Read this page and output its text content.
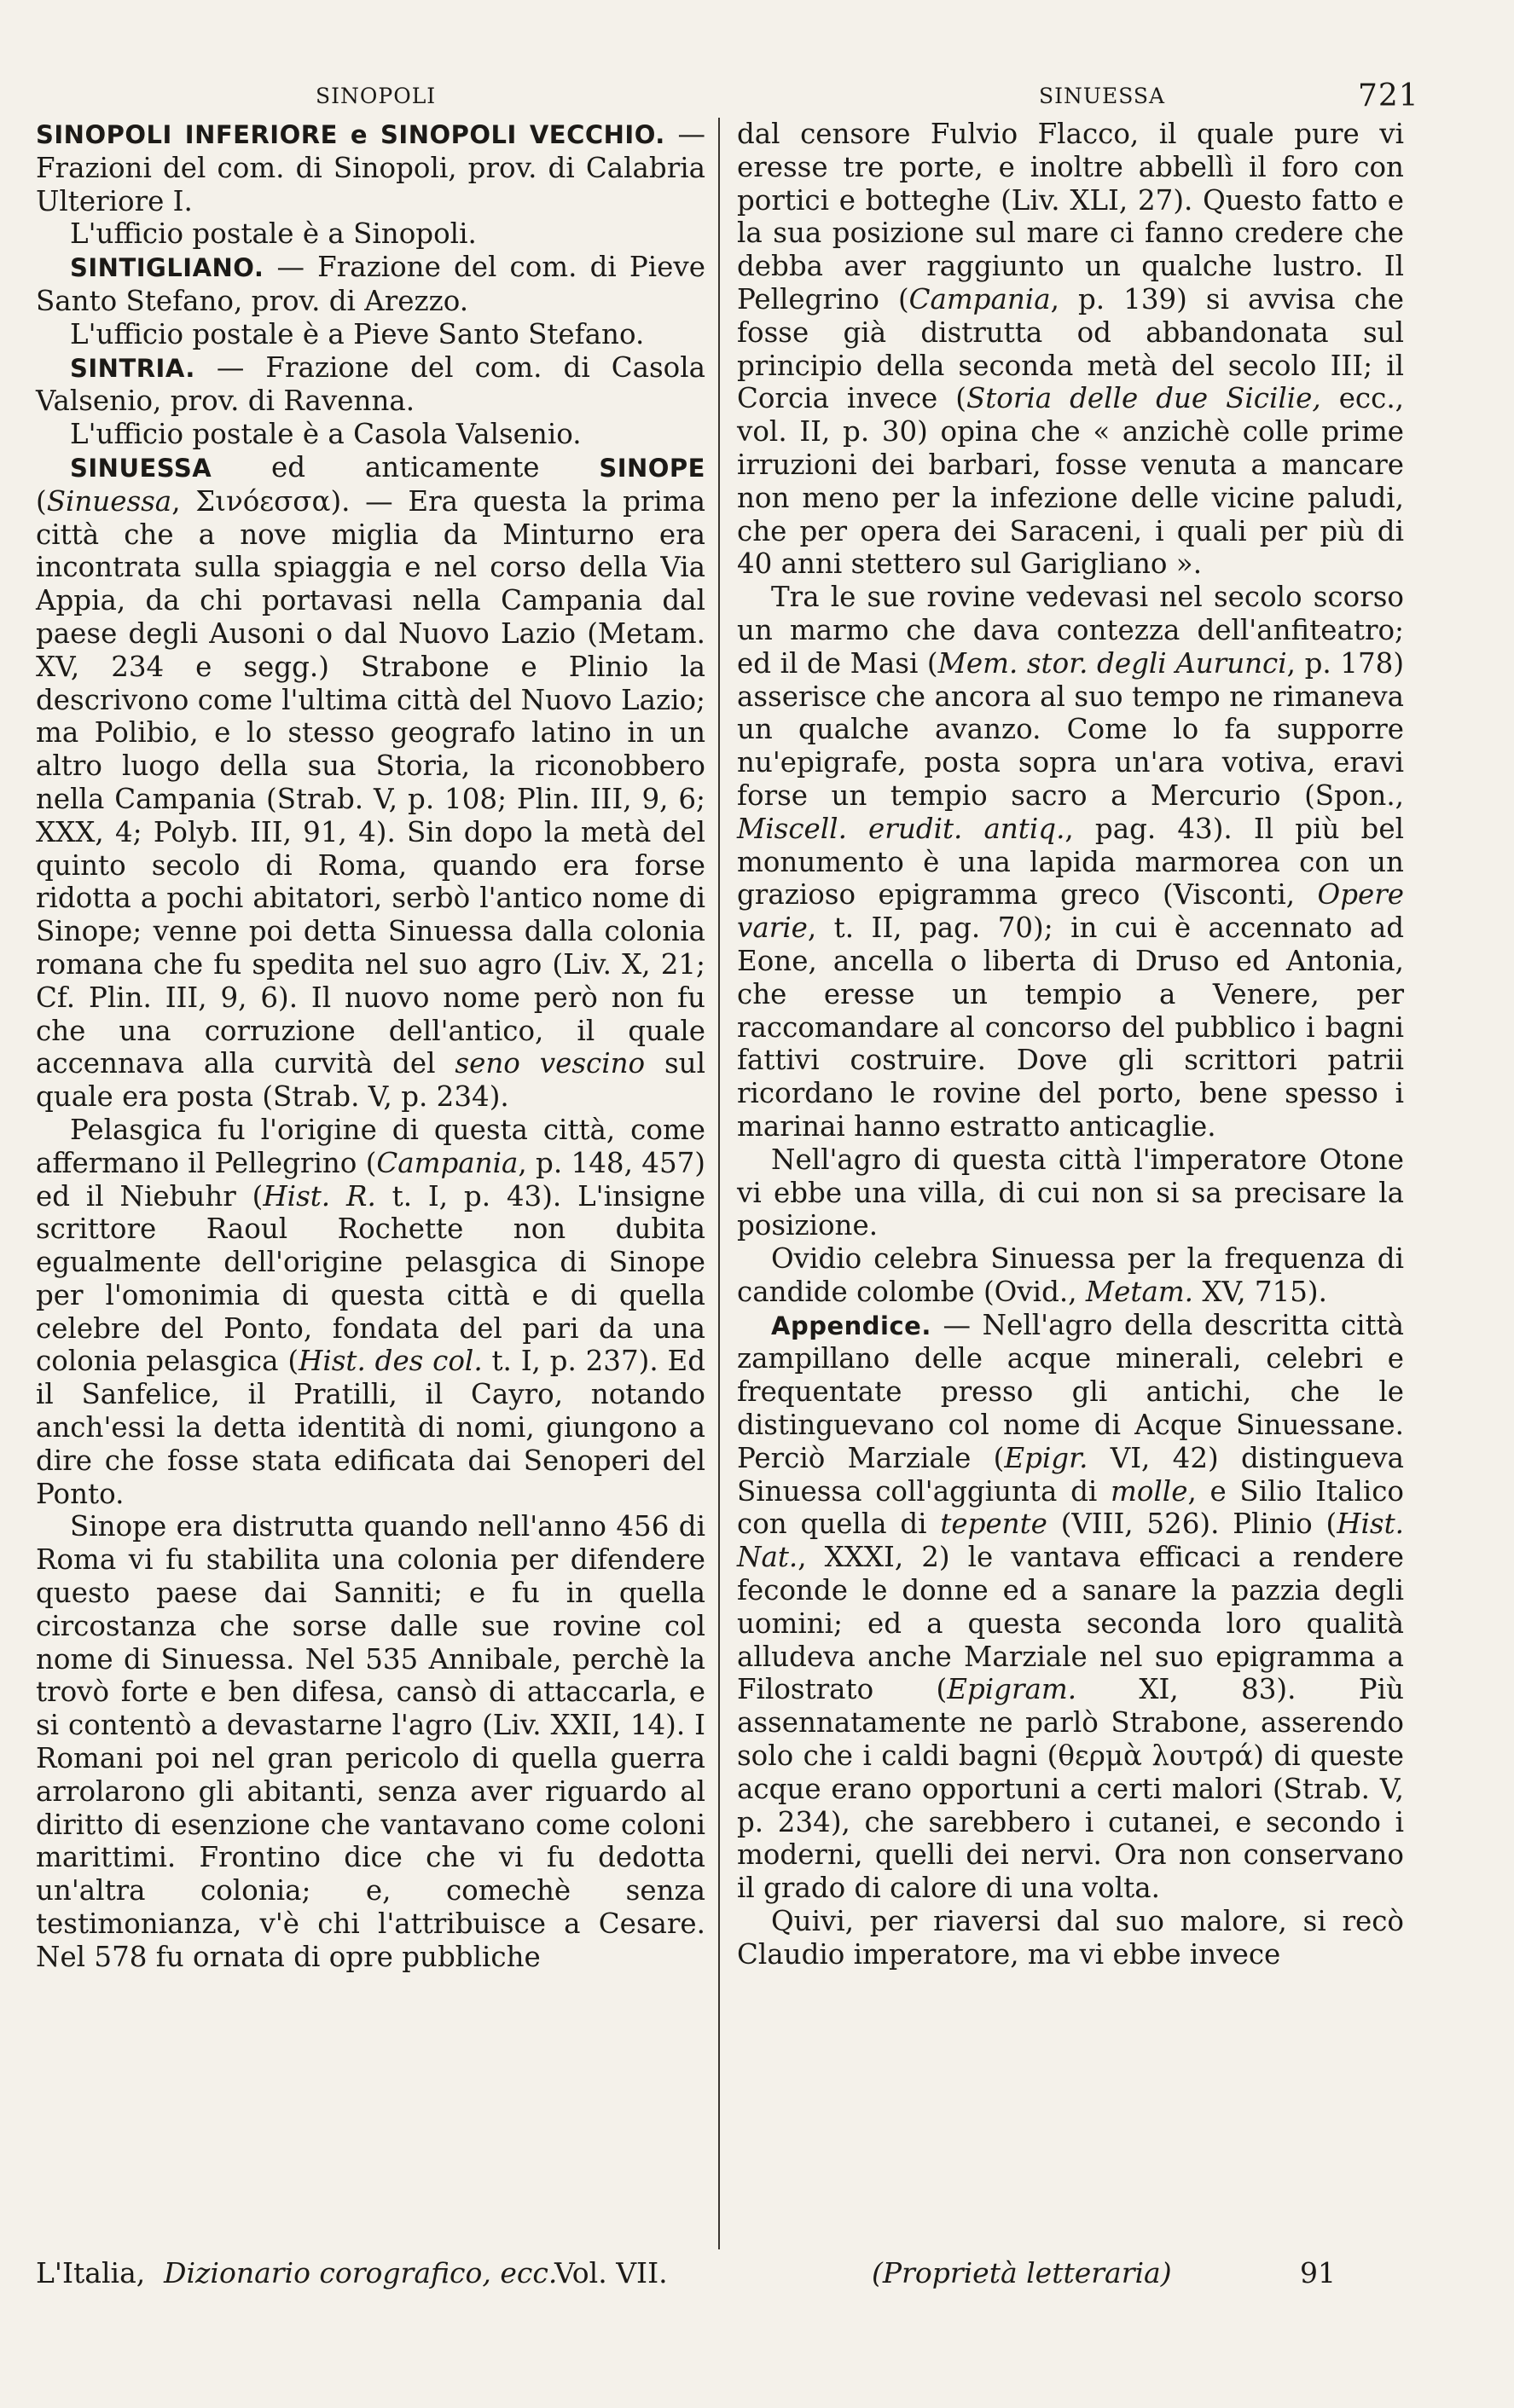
SINOPOLI	SINUESSA	721

SINOPOLI INFERIORE e SINOPOLI VECCHIO. — Frazioni del com. di Sinopoli, prov. di Calabria Ulteriore I.

L'ufficio postale è a Sinopoli.

SINTIGLIANO. — Frazione del com. di Pieve Santo Stefano, prov. di Arezzo.

L'ufficio postale è a Pieve Santo Stefano.

SINTRIA. — Frazione del com. di Casola Valsenio, prov. di Ravenna.

L'ufficio postale è a Casola Valsenio.

SINUESSA ed anticamente SINOPE (Sinuessa, Σινόεσσα). — Era questa la prima città che a nove miglia da Minturno era incontrata sulla spiaggia e nel corso della Via Appia, da chi portavasi nella Campania dal paese degli Ausoni o dal Nuovo Lazio (Metam. XV, 234 e segg.) Strabone e Plinio la descrivono come l'ultima città del Nuovo Lazio; ma Polibio, e lo stesso geografo latino in un altro luogo della sua Storia, la riconobbero nella Campania (Strab. V, p. 108; Plin. III, 9, 6; XXX, 4; Polyb. III, 91, 4). Sin dopo la metà del quinto secolo di Roma, quando era forse ridotta a pochi abitatori, serbò l'antico nome di Sinope; venne poi detta Sinuessa dalla colonia romana che fu spedita nel suo agro (Liv. X, 21; Cf. Plin. III, 9, 6). Il nuovo nome però non fu che una corruzione dell'antico, il quale accennava alla curvità del seno vescino sul quale era posta (Strab. V, p. 234).

Pelasgica fu l'origine di questa città, come affermano il Pellegrino (Campania, p. 148, 457) ed il Niebuhr (Hist. R. t. I, p. 43). L'insigne scrittore Raoul Rochette non dubita egualmente dell'origine pelasgica di Sinope per l'omonimia di questa città e di quella celebre del Ponto, fondata del pari da una colonia pelasgica (Hist. des col. t. I, p. 237). Ed il Sanfelice, il Pratilli, il Cayro, notando anch'essi la detta identità di nomi, giungono a dire che fosse stata edificata dai Senoperi del Ponto.

Sinope era distrutta quando nell'anno 456 di Roma vi fu stabilita una colonia per difendere questo paese dai Sanniti; e fu in quella circostanza che sorse dalle sue rovine col nome di Sinuessa. Nel 535 Annibale, perchè la trovò forte e ben difesa, cansò di attaccarla, e si contentò a devastarne l'agro (Liv. XXII, 14). I Romani poi nel gran pericolo di quella guerra arrolarono gli abitanti, senza aver riguardo al diritto di esenzione che vantavano come coloni marittimi. Frontino dice che vi fu dedotta un'altra colonia; e, comechè senza testimonianza, v'è chi l'attribuisce a Cesare. Nel 578 fu ornata di opre pubbliche

dal censore Fulvio Flacco, il quale pure vi eresse tre porte, e inoltre abbellì il foro con portici e botteghe (Liv. XLI, 27). Questo fatto e la sua posizione sul mare ci fanno credere che debba aver raggiunto un qualche lustro. Il Pellegrino (Campania, p. 139) si avvisa che fosse già distrutta od abbandonata sul principio della seconda metà del secolo III; il Corcia invece (Storia delle due Sicilie, ecc., vol. II, p. 30) opina che « anzichè colle prime irruzioni dei barbari, fosse venuta a mancare non meno per la infezione delle vicine paludi, che per opera dei Saraceni, i quali per più di 40 anni stettero sul Garigliano ».

Tra le sue rovine vedevasi nel secolo scorso un marmo che dava contezza dell'anfiteatro; ed il de Masi (Mem. stor. degli Aurunci, p. 178) asserisce che ancora al suo tempo ne rimaneva un qualche avanzo. Come lo fa supporre nu'epigrafe, posta sopra un'ara votiva, eravi forse un tempio sacro a Mercurio (Spon., Miscell. erudit. antiq., pag. 43). Il più bel monumento è una lapida marmorea con un grazioso epigramma greco (Visconti, Opere varie, t. II, pag. 70); in cui è accennato ad Eone, ancella o liberta di Druso ed Antonia, che eresse un tempio a Venere, per raccomandare al concorso del pubblico i bagni fattivi costruire. Dove gli scrittori patrii ricordano le rovine del porto, bene spesso i marinai hanno estratto anticaglie.

Nell'agro di questa città l'imperatore Otone vi ebbe una villa, di cui non si sa precisare la posizione.

Ovidio celebra Sinuessa per la frequenza di candide colombe (Ovid., Metam. XV, 715).

Appendice. — Nell'agro della descritta città zampillano delle acque minerali, celebri e frequentate presso gli antichi, che le distinguevano col nome di Acque Sinuessane. Perciò Marziale (Epigr. VI, 42) distingueva Sinuessa coll'aggiunta di molle, e Silio Italico con quella di tepente (VIII, 526). Plinio (Hist. Nat., XXXI, 2) le vantava efficaci a rendere feconde le donne ed a sanare la pazzia degli uomini; ed a questa seconda loro qualità alludeva anche Marziale nel suo epigramma a Filostrato (Epigram. XI, 83). Più assennatamente ne parlò Strabone, asserendo solo che i caldi bagni (θερμὰ λουτρά) di queste acque erano opportuni a certi malori (Strab. V, p. 234), che sarebbero i cutanei, e secondo i moderni, quelli dei nervi. Ora non conservano il grado di calore di una volta.

Quivi, per riaversi dal suo malore, si recò Claudio imperatore, ma vi ebbe invece

L'Italia, Dizionario corografico, ecc.
Vol. VII.	(Proprietà letteraria)	91
